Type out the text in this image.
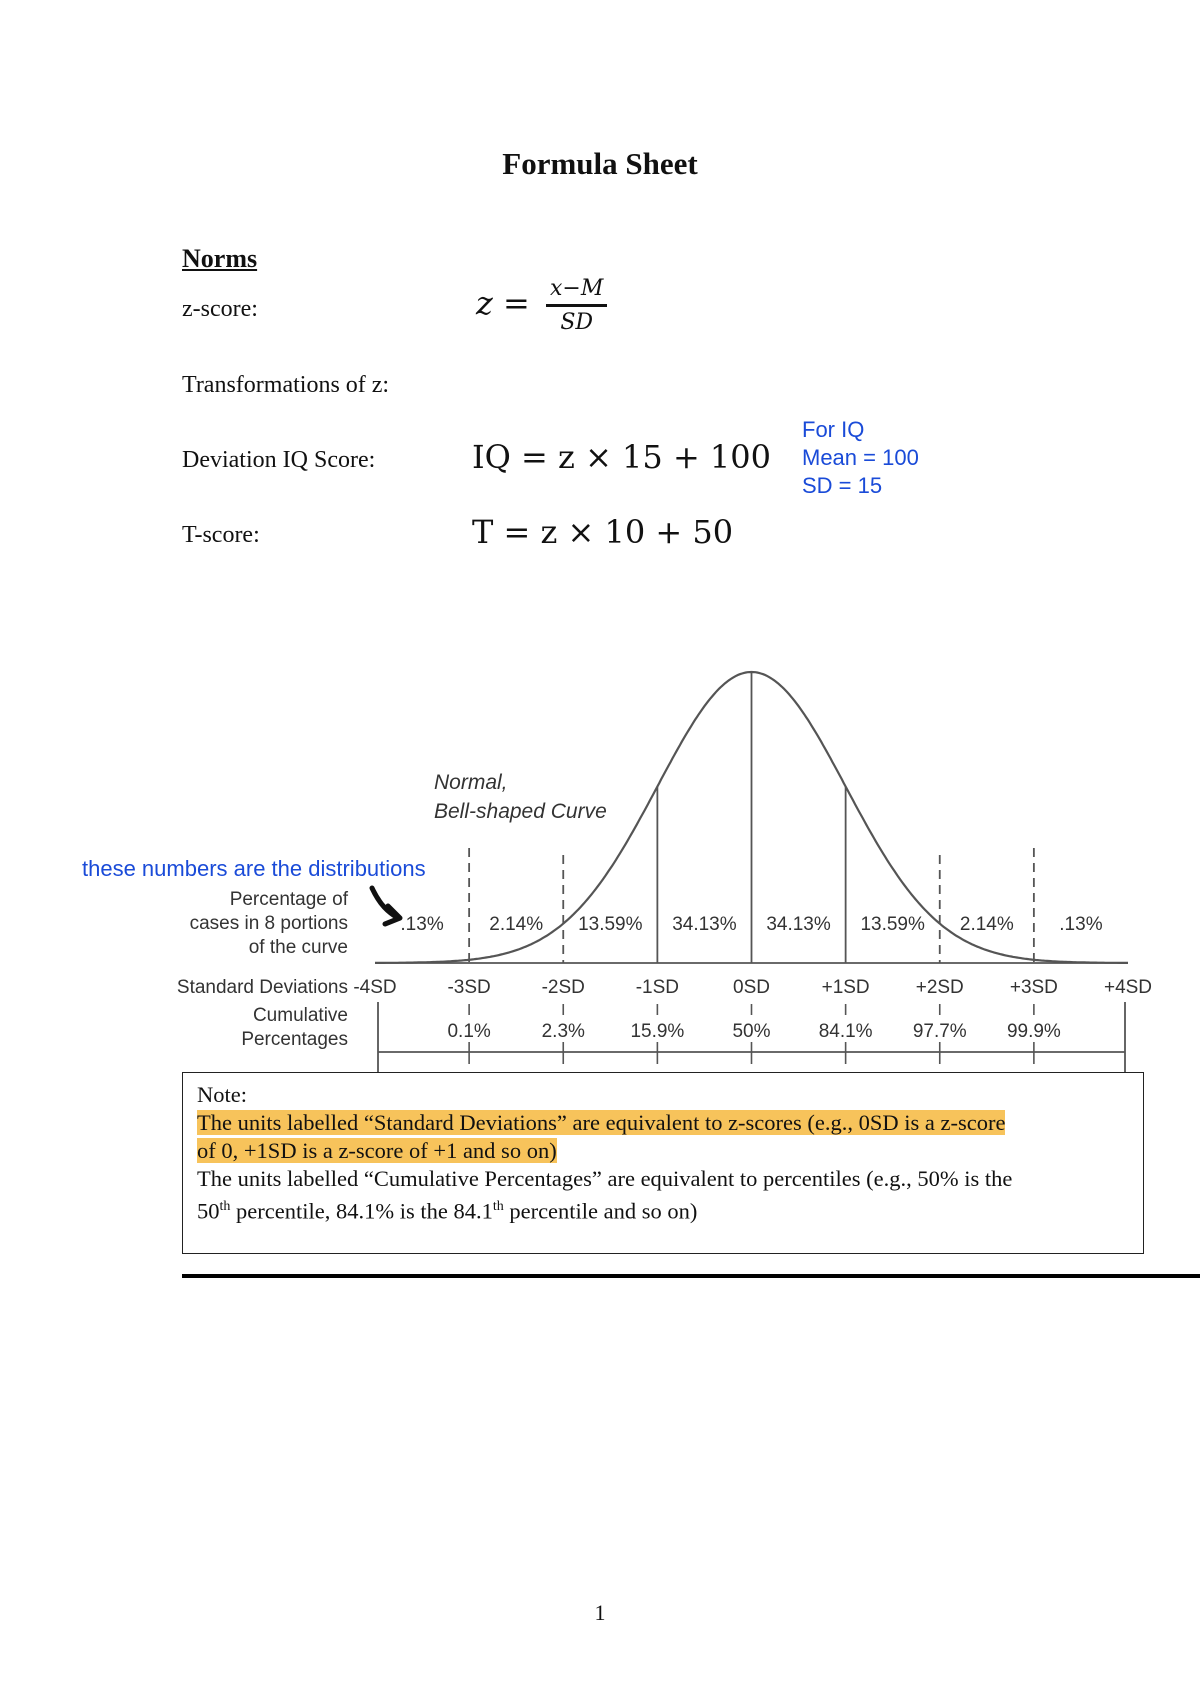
Formula Sheet
Norms
z-score:	$z = \frac{x-M}{SD}$
Transformations of z:
Deviation IQ Score:	IQ = z × 15 + 100
For IQ
Mean = 100
SD = 15
T-score:	T = z × 10 + 50
these numbers are the distributions
.13% 2.14% 13.59% 34.13% 34.13% 13.59% 2.14% .13%
Percentage of
cases in 8 portions
of the curve
Normal,
Bell-shaped Curve
Standard Deviations -4SD	-3SD	-2SD	-1SD	0SD	+1SD +2SD +3SD +4SD
Cumulative
Percentages	0.1%	2.3% 15.9%	50%	84.1% 97.7% 99.9%
Note:
The units labelled “Standard Deviations” are equivalent to z-scores (e.g., 0SD is a z-score
of 0, +1SD is a z-score of +1 and so on)
The units labelled “Cumulative Percentages” are equivalent to percentiles (e.g., 50% is the
50th percentile, 84.1% is the 84.1th percentile and so on)
1
